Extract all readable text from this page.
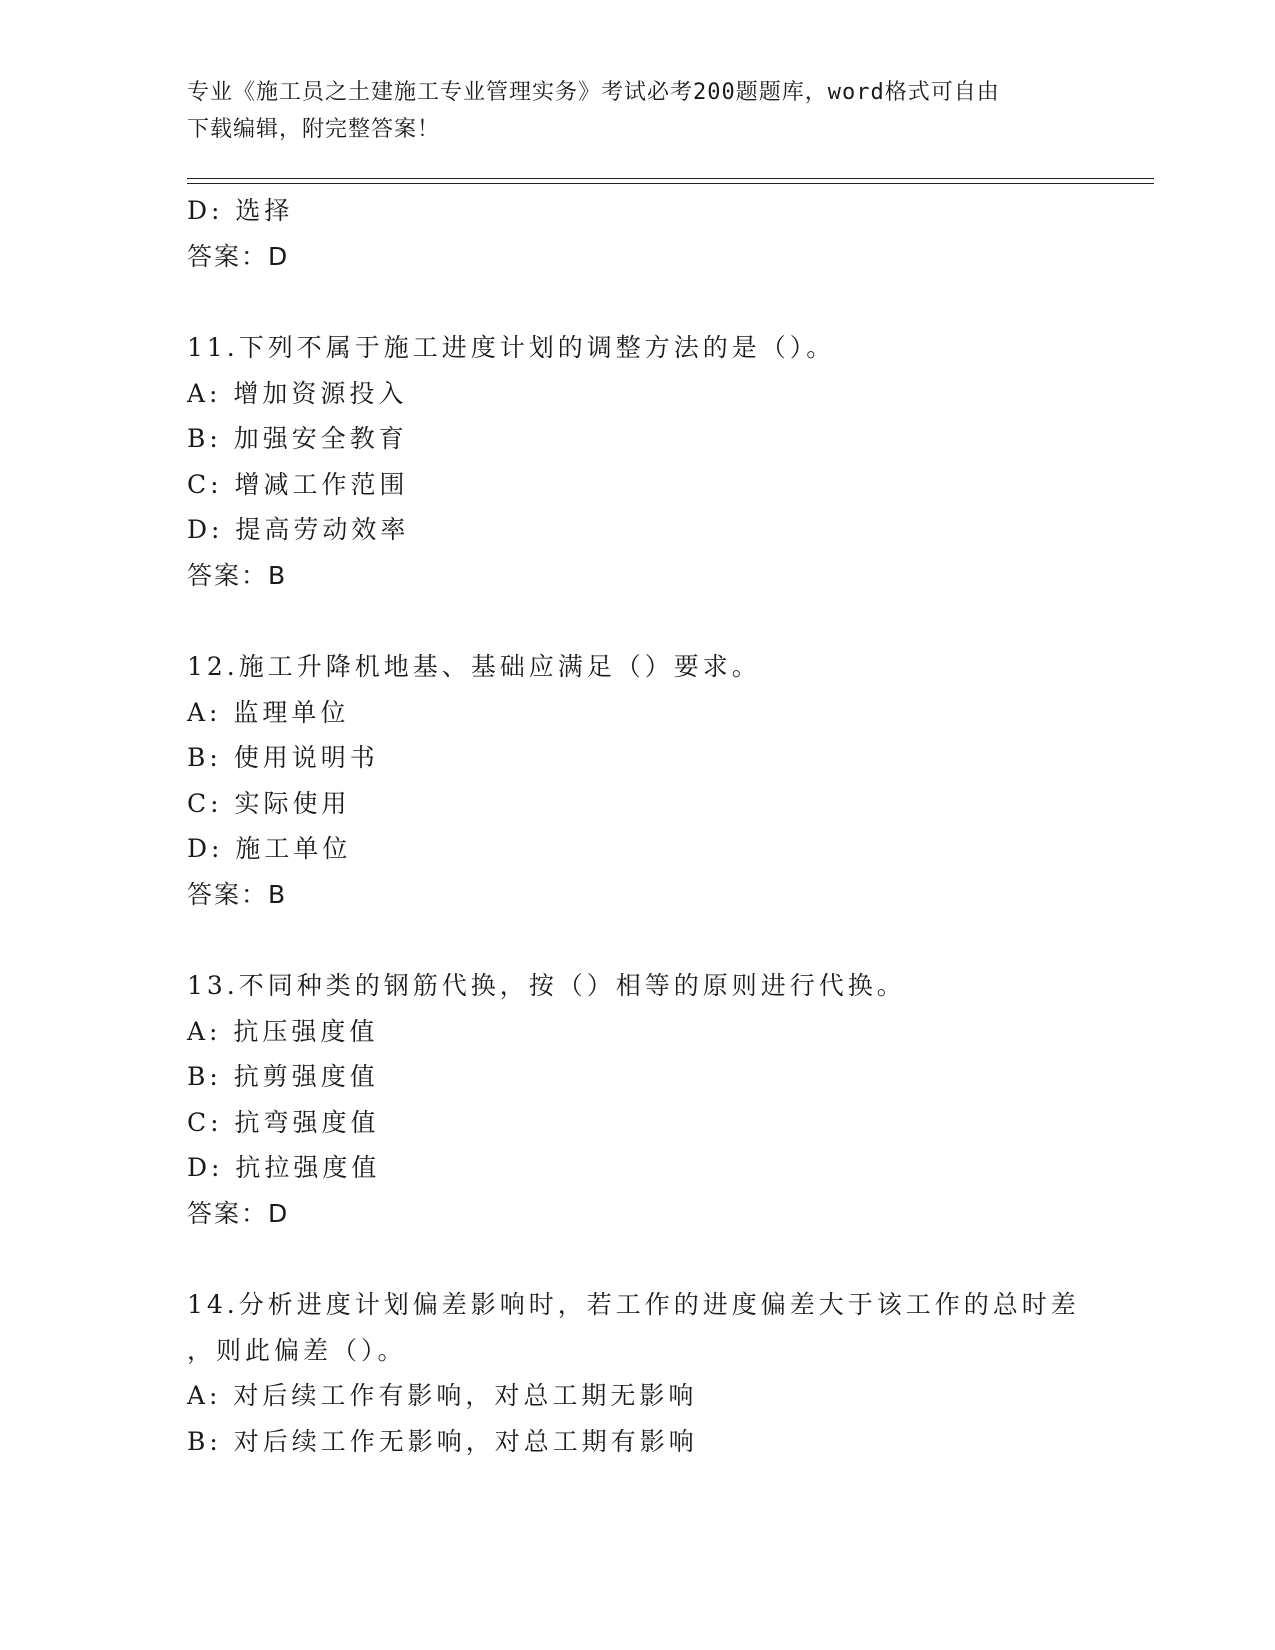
专业《施工员之土建施工专业管理实务》考试必考200题题库，word格式可自由
下载编辑，附完整答案！
D: 选择
答案：D
11.下列不属于施工进度计划的调整方法的是（）。
A: 增加资源投入
B: 加强安全教育
C: 增减工作范围
D: 提高劳动效率
答案：B
12.施工升降机地基、基础应满足（）要求。
A: 监理单位
B: 使用说明书
C: 实际使用
D: 施工单位
答案：B
13.不同种类的钢筋代换，按（）相等的原则进行代换。
A: 抗压强度值
B: 抗剪强度值
C: 抗弯强度值
D: 抗拉强度值
答案：D
14.分析进度计划偏差影响时，若工作的进度偏差大于该工作的总时差
，则此偏差（）。
A: 对后续工作有影响，对总工期无影响
B: 对后续工作无影响，对总工期有影响
